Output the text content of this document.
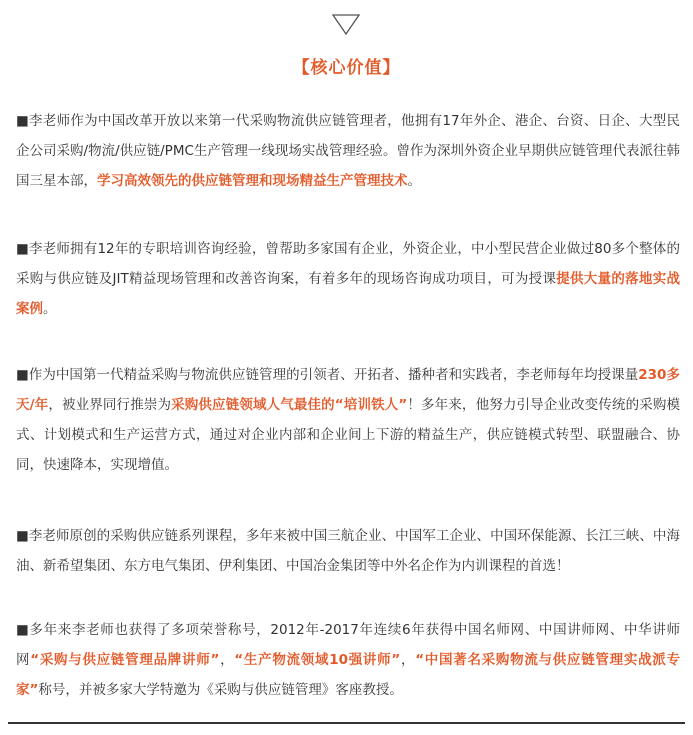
【核心价值】
■李老师作为中国改革开放以来第一代采购物流供应链管理者，他拥有17年外企、港企、台资、日企、大型民企公司采购/物流/供应链/PMC生产管理一线现场实战管理经验。曾作为深圳外资企业早期供应链管理代表派往韩国三星本部，学习高效领先的供应链管理和现场精益生产管理技术。
■李老师拥有12年的专职培训咨询经验，曾帮助多家国有企业，外资企业，中小型民营企业做过80多个整体的采购与供应链及JIT精益现场管理和改善咨询案，有着多年的现场咨询成功项目，可为授课提供大量的落地实战案例。
■作为中国第一代精益采购与物流供应链管理的引领者、开拓者、播种者和实践者，李老师每年均授课量230多天/年，被业界同行推崇为采购供应链领域人气最佳的“培训铁人”！多年来，他努力引导企业改变传统的采购模式、计划模式和生产运营方式，通过对企业内部和企业间上下游的精益生产，供应链模式转型、联盟融合、协同，快速降本，实现增值。
■李老师原创的采购供应链系列课程，多年来被中国三航企业、中国军工企业、中国环保能源、长江三峡、中海油、新希望集团、东方电气集团、伊利集团、中国冶金集团等中外名企作为内训课程的首选！
■多年来李老师也获得了多项荣誉称号，2012年-2017年连续6年获得中国名师网、中国讲师网、中华讲师网“采购与供应链管理品牌讲师”，“生产物流领域10强讲师”，“中国著名采购物流与供应链管理实战派专家”称号，并被多家大学特邀为《采购与供应链管理》客座教授。
